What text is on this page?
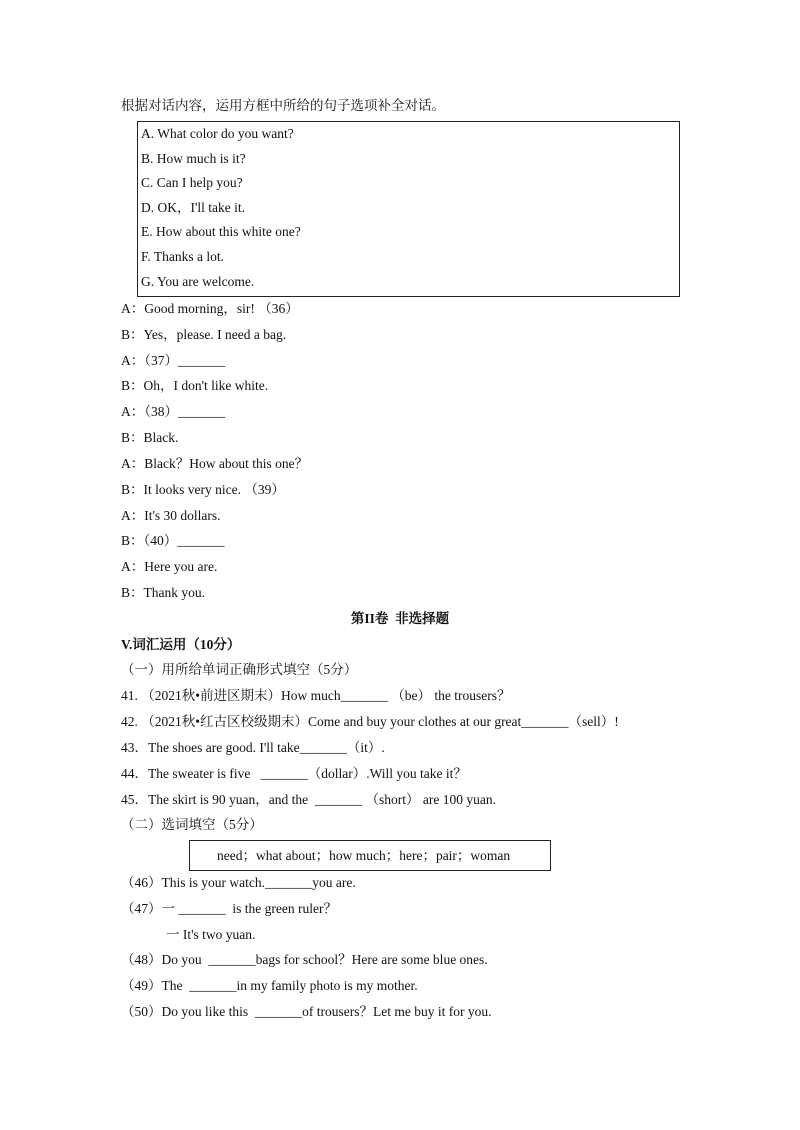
根据对话内容，运用方框中所给的句子选项补全对话。
A. What color do you want?
B. How much is it?
C. Can I help you?
D. OK，I'll take it.
E. How about this white one?
F. Thanks a lot.
G. You are welcome.
A：Good morning，sir! （36）
B：Yes，please. I need a bag.
A：（37）_______
B：Oh，I don't like white.
A：（38）_______
B：Black.
A：Black？How about this one？
B：It looks very nice. （39）
A：It's 30 dollars.
B：（40）_______
A：Here you are.
B：Thank you.
第II卷  非选择题
V.词汇运用（10分）
（一）用所给单词正确形式填空（5分）
41. （2021秋•前进区期末）How much_______ （be） the trousers？
42. （2021秋•红古区校级期末）Come and buy your clothes at our great_______（sell）!
43．The shoes are good. I'll take_______（it）.
44．The sweater is five   _______（dollar）.Will you take it？
45．The skirt is 90 yuan，and the  _______ （short） are 100 yuan.
（二）选词填空（5分）
need；what about；how much；here；pair；woman
（46）This is your watch._______you are.
（47）一 _______  is the green ruler？
一 It's two yuan.
（48）Do you  _______bags for school？Here are some blue ones.
（49）The  _______in my family photo is my mother.
（50）Do you like this  _______of trousers？Let me buy it for you.
